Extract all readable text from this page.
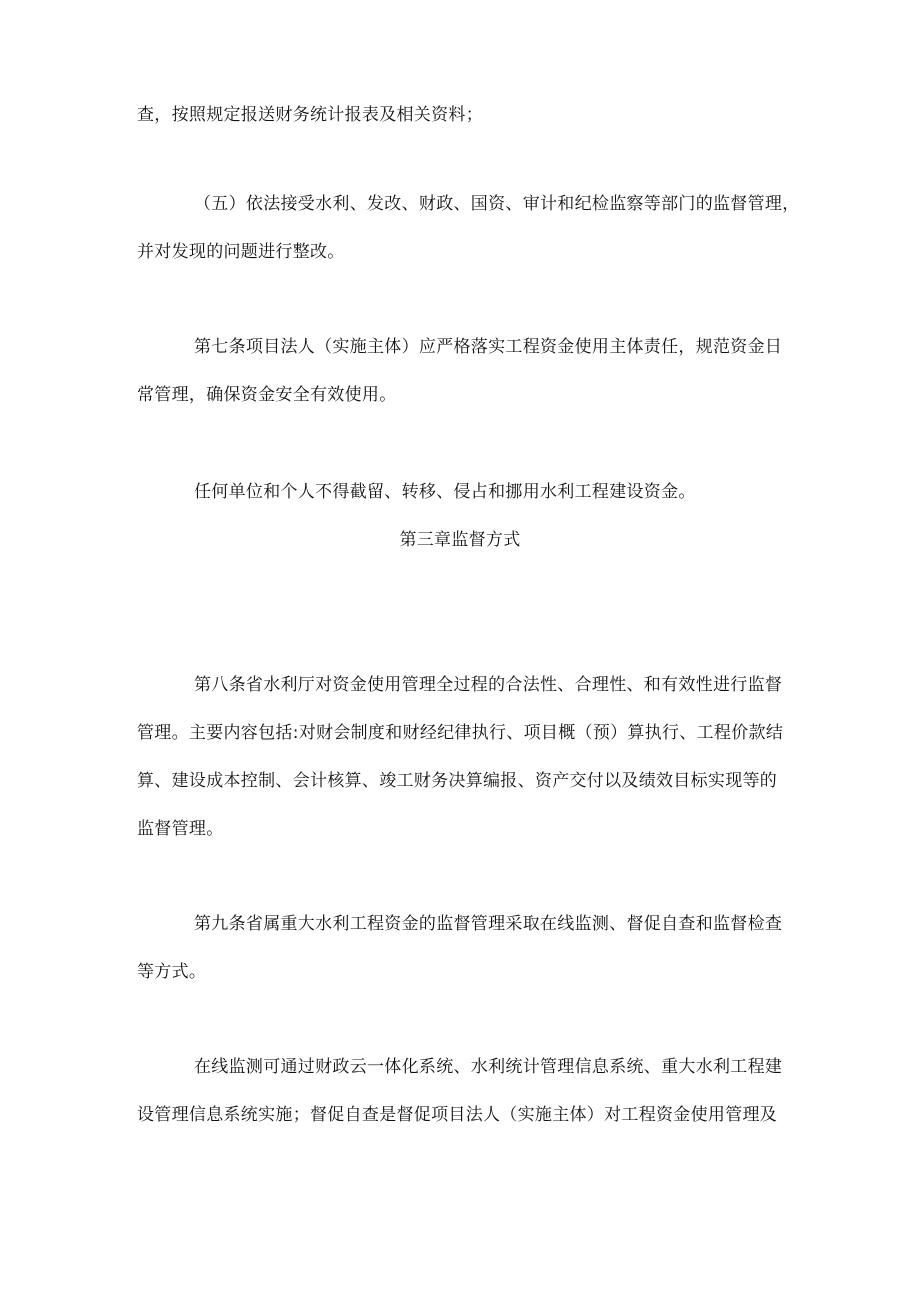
查，按照规定报送财务统计报表及相关资料；
（五）依法接受水利、发改、财政、国资、审计和纪检监察等部门的监督管理，
并对发现的问题进行整改。
第七条项目法人（实施主体）应严格落实工程资金使用主体责任，规范资金日
常管理，确保资金安全有效使用。
任何单位和个人不得截留、转移、侵占和挪用水利工程建设资金。
第三章监督方式
第八条省水利厅对资金使用管理全过程的合法性、合理性、和有效性进行监督
管理。主要内容包括:对财会制度和财经纪律执行、项目概（预）算执行、工程价款结
算、建设成本控制、会计核算、竣工财务决算编报、资产交付以及绩效目标实现等的
监督管理。
第九条省属重大水利工程资金的监督管理采取在线监测、督促自查和监督检查
等方式。
在线监测可通过财政云一体化系统、水利统计管理信息系统、重大水利工程建
设管理信息系统实施；督促自查是督促项目法人（实施主体）对工程资金使用管理及
